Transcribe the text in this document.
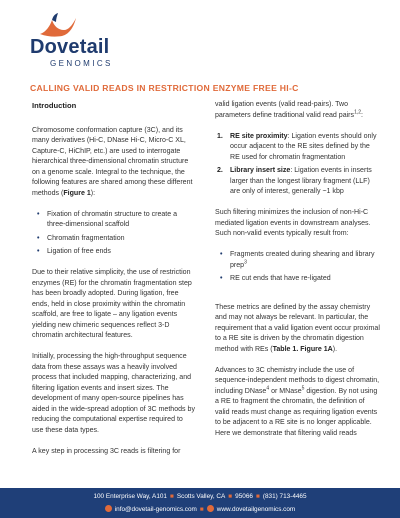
Dovetail
GENOMICS
CALLING VALID READS IN RESTRICTION ENZYME FREE HI-C
Introduction

Chromosome conformation capture (3C), and its many derivatives (Hi-C, DNase Hi-C, Micro-C XL, Capture-C, HiChIP, etc.) are used to interrogate hierarchical three-dimensional chromatin structure on a genome scale. Integral to the technique, the following features are shared among these different methods (Figure 1):

• Fixation of chromatin structure to create a three-dimensional scaffold
• Chromatin fragmentation
• Ligation of free ends

Due to their relative simplicity, the use of restriction enzymes (RE) for the chromatin fragmentation step has been broadly adopted. During ligation, free ends, held in close proximity within the chromatin scaffold, are free to ligate – any ligation events yielding new chimeric sequences reflect 3-D chromatin architectural features.

Initially, processing the high-throughput sequence data from these assays was a heavily involved process that included mapping, characterizing, and filtering ligation events and insert sizes. The development of many open-source pipelines has aided in the wide-spread adoption of 3C methods by reducing the computational expertise required to use these data types.

A key step in processing 3C reads is filtering for

valid ligation events (valid read-pairs). Two parameters define traditional valid read pairs$^{1,2}$:

1. RE site proximity: Ligation events should only occur adjacent to the RE sites defined by the RE used for chromatin fragmentation
2. Library insert size: Ligation events in inserts larger than the longest library fragment (LLF) are only of interest, generally ~1 kbp

Such filtering minimizes the inclusion of non-Hi-C mediated ligation events in downstream analyses. Such non-valid events typically result from:

• Fragments created during shearing and library prep$^3$
• RE cut ends that have re-ligated

These metrics are defined by the assay chemistry and may not always be relevant. In particular, the requirement that a valid ligation event occur proximal to a RE site is driven by the chromatin digestion method with REs (Table 1. Figure 1A).

Advances to 3C chemistry include the use of sequence-independent methods to digest chromatin, including DNase$^4$ or MNase$^5$ digestion. By not using a RE to fragment the chromatin, the definition of valid reads must change as requiring ligation events to be adjacent to a RE site is no longer applicable. Here we demonstrate that filtering valid reads

100 Enterprise Way, A101 ■ Scotts Valley, CA ■ 95066 ■ (831) 713-4465
info@dovetail-genomics.com ■ www.dovetailgenomics.com
